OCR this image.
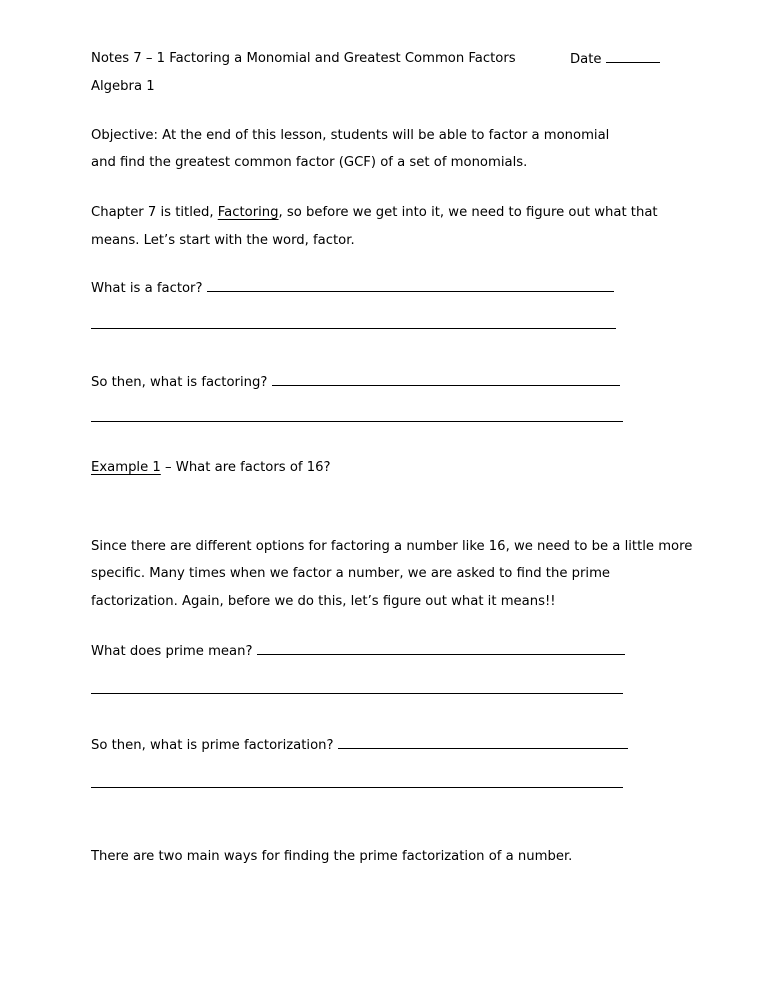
Notes 7 – 1 Factoring a Monomial and Greatest Common Factors	Date
Algebra 1
Objective: At the end of this lesson, students will be able to factor a monomial
and find the greatest common factor (GCF) of a set of monomials.
Chapter 7 is titled, Factoring, so before we get into it, we need to figure out what that
means. Let’s start with the word, factor.
What is a factor?
So then, what is factoring?
Example 1 – What are factors of 16?
Since there are different options for factoring a number like 16, we need to be a little more
specific. Many times when we factor a number, we are asked to find the prime
factorization. Again, before we do this, let’s figure out what it means!!
What does prime mean?
So then, what is prime factorization?
There are two main ways for finding the prime factorization of a number.
